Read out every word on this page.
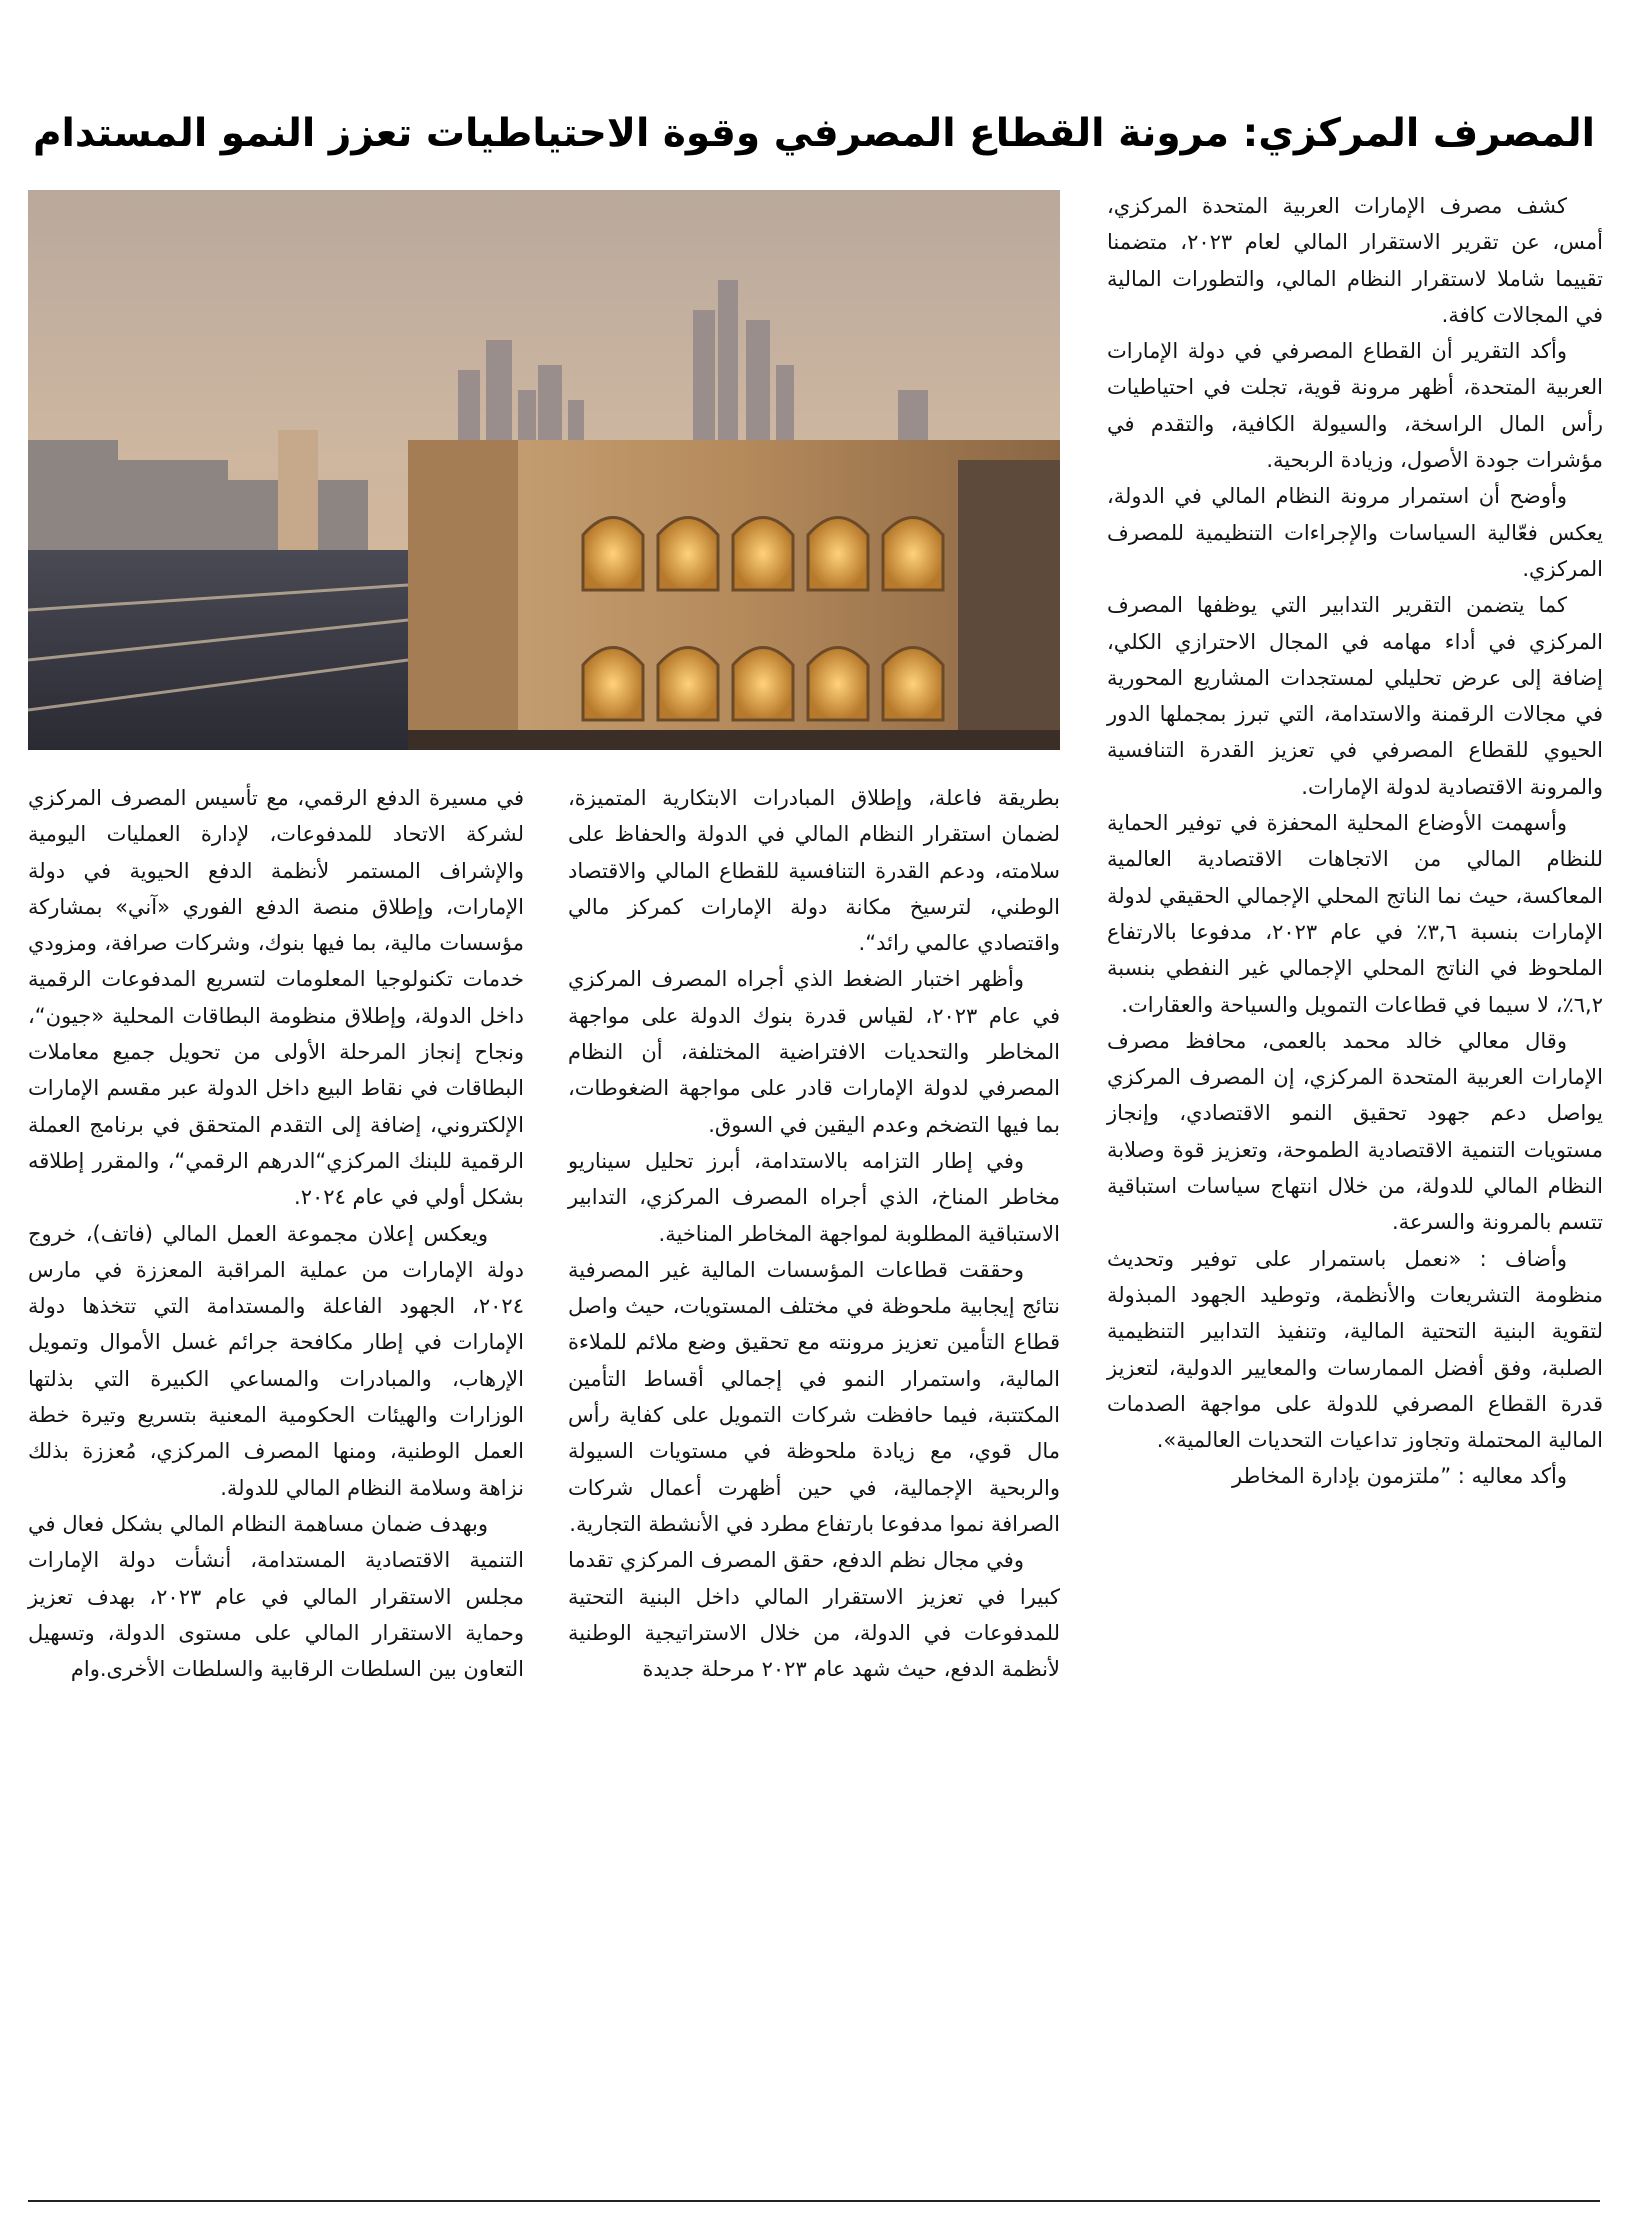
المصرف المركزي: مرونة القطاع المصرفي وقوة الاحتياطيات تعزز النمو المستدام

كشف مصرف الإمارات العربية المتحدة المركزي، أمس، عن تقرير الاستقرار المالي لعام ٢٠٢٣، متضمنا تقييما شاملا لاستقرار النظام المالي، والتطورات المالية في المجالات كافة.

وأكد التقرير أن القطاع المصرفي في دولة الإمارات العربية المتحدة، أظهر مرونة قوية، تجلت في احتياطيات رأس المال الراسخة، والسيولة الكافية، والتقدم في مؤشرات جودة الأصول، وزيادة الربحية.

وأوضح أن استمرار مرونة النظام المالي في الدولة، يعكس فعّالية السياسات والإجراءات التنظيمية للمصرف المركزي.

كما يتضمن التقرير التدابير التي يوظفها المصرف المركزي في أداء مهامه في المجال الاحترازي الكلي، إضافة إلى عرض تحليلي لمستجدات المشاريع المحورية في مجالات الرقمنة والاستدامة، التي تبرز بمجملها الدور الحيوي للقطاع المصرفي في تعزيز القدرة التنافسية والمرونة الاقتصادية لدولة الإمارات.

وأسهمت الأوضاع المحلية المحفزة في توفير الحماية للنظام المالي من الاتجاهات الاقتصادية العالمية المعاكسة، حيث نما الناتج المحلي الإجمالي الحقيقي لدولة الإمارات بنسبة ٣,٦٪ في عام ٢٠٢٣، مدفوعا بالارتفاع الملحوظ في الناتج المحلي الإجمالي غير النفطي بنسبة ٦,٢٪، لا سيما في قطاعات التمويل والسياحة والعقارات.

وقال معالي خالد محمد بالعمى، محافظ مصرف الإمارات العربية المتحدة المركزي، إن المصرف المركزي يواصل دعم جهود تحقيق النمو الاقتصادي، وإنجاز مستويات التنمية الاقتصادية الطموحة، وتعزيز قوة وصلابة النظام المالي للدولة، من خلال انتهاج سياسات استباقية تتسم بالمرونة والسرعة.

وأضاف : «نعمل باستمرار على توفير وتحديث منظومة التشريعات والأنظمة، وتوطيد الجهود المبذولة لتقوية البنية التحتية المالية، وتنفيذ التدابير التنظيمية الصلبة، وفق أفضل الممارسات والمعايير الدولية، لتعزيز قدرة القطاع المصرفي للدولة على مواجهة الصدمات المالية المحتملة وتجاوز تداعيات التحديات العالمية».

وأكد معاليه : ”ملتزمون بإدارة المخاطر

بطريقة فاعلة، وإطلاق المبادرات الابتكارية المتميزة، لضمان استقرار النظام المالي في الدولة والحفاظ على سلامته، ودعم القدرة التنافسية للقطاع المالي والاقتصاد الوطني، لترسيخ مكانة دولة الإمارات كمركز مالي واقتصادي عالمي رائد“.

وأظهر اختبار الضغط الذي أجراه المصرف المركزي في عام ٢٠٢٣، لقياس قدرة بنوك الدولة على مواجهة المخاطر والتحديات الافتراضية المختلفة، أن النظام المصرفي لدولة الإمارات قادر على مواجهة الضغوطات، بما فيها التضخم وعدم اليقين في السوق.

وفي إطار التزامه بالاستدامة، أبرز تحليل سيناريو مخاطر المناخ، الذي أجراه المصرف المركزي، التدابير الاستباقية المطلوبة لمواجهة المخاطر المناخية.

وحققت قطاعات المؤسسات المالية غير المصرفية نتائج إيجابية ملحوظة في مختلف المستويات، حيث واصل قطاع التأمين تعزيز مرونته مع تحقيق وضع ملائم للملاءة المالية، واستمرار النمو في إجمالي أقساط التأمين المكتتبة، فيما حافظت شركات التمويل على كفاية رأس مال قوي، مع زيادة ملحوظة في مستويات السيولة والربحية الإجمالية، في حين أظهرت أعمال شركات الصرافة نموا مدفوعا بارتفاع مطرد في الأنشطة التجارية.

وفي مجال نظم الدفع، حقق المصرف المركزي تقدما كبيرا في تعزيز الاستقرار المالي داخل البنية التحتية للمدفوعات في الدولة، من خلال الاستراتيجية الوطنية لأنظمة الدفع، حيث شهد عام ٢٠٢٣ مرحلة جديدة

في مسيرة الدفع الرقمي، مع تأسيس المصرف المركزي لشركة الاتحاد للمدفوعات، لإدارة العمليات اليومية والإشراف المستمر لأنظمة الدفع الحيوية في دولة الإمارات، وإطلاق منصة الدفع الفوري «آني» بمشاركة مؤسسات مالية، بما فيها بنوك، وشركات صرافة، ومزودي خدمات تكنولوجيا المعلومات لتسريع المدفوعات الرقمية داخل الدولة، وإطلاق منظومة البطاقات المحلية «جيون“، ونجاح إنجاز المرحلة الأولى من تحويل جميع معاملات البطاقات في نقاط البيع داخل الدولة عبر مقسم الإمارات الإلكتروني، إضافة إلى التقدم المتحقق في برنامج العملة الرقمية للبنك المركزي“الدرهم الرقمي“، والمقرر إطلاقه بشكل أولي في عام ٢٠٢٤.

ويعكس إعلان مجموعة العمل المالي (فاتف)، خروج دولة الإمارات من عملية المراقبة المعززة في مارس ٢٠٢٤، الجهود الفاعلة والمستدامة التي تتخذها دولة الإمارات في إطار مكافحة جرائم غسل الأموال وتمويل الإرهاب، والمبادرات والمساعي الكبيرة التي بذلتها الوزارات والهيئات الحكومية المعنية بتسريع وتيرة خطة العمل الوطنية، ومنها المصرف المركزي، مُعززة بذلك نزاهة وسلامة النظام المالي للدولة.

وبهدف ضمان مساهمة النظام المالي بشكل فعال في التنمية الاقتصادية المستدامة، أنشأت دولة الإمارات مجلس الاستقرار المالي في عام ٢٠٢٣، بهدف تعزيز وحماية الاستقرار المالي على مستوى الدولة، وتسهيل التعاون بين السلطات الرقابية والسلطات الأخرى.وام
